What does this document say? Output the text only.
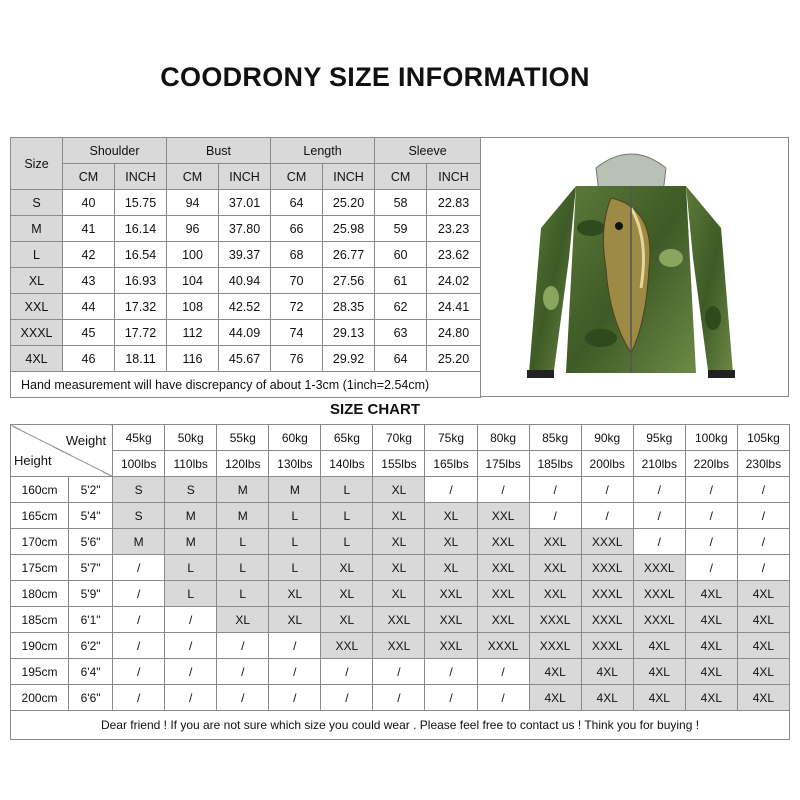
COODRONY SIZE INFORMATION
Size	Shoulder		Bust		Length		Sleeve	
	CM	INCH	CM	INCH	CM	INCH	CM	INCH
S	40	15.75	94	37.01	64	25.20	58	22.83
M	41	16.14	96	37.80	66	25.98	59	23.23
L	42	16.54	100	39.37	68	26.77	60	23.62
XL	43	16.93	104	40.94	70	27.56	61	24.02
XXL	44	17.32	108	42.52	72	28.35	62	24.41
XXXL	45	17.72	112	44.09	74	29.13	63	24.80
4XL	46	18.11	116	45.67	76	29.92	64	25.20
Hand measurement will have discrepancy of about 1-3cm (1inch=2.54cm)								
SIZE CHART
Weight
Height		45kg	50kg	55kg	60kg	65kg	70kg	75kg	80kg	85kg	90kg	95kg	100kg	105kg
		100lbs	110lbs	120lbs	130lbs	140lbs	155lbs	165lbs	175lbs	185lbs	200lbs	210lbs	220lbs	230lbs
160cm	5'2"	S	S	M	M	L	XL	/	/	/	/	/	/	/
165cm	5'4"	S	M	M	L	L	XL	XL	XXL	/	/	/	/	/
170cm	5'6"	M	M	L	L	L	XL	XL	XXL	XXL	XXXL	/	/	/
175cm	5'7"	/	L	L	L	XL	XL	XL	XXL	XXL	XXXL	XXXL	/	/
180cm	5'9"	/	L	L	XL	XL	XL	XXL	XXL	XXL	XXXL	XXXL	4XL	4XL
185cm	6'1"	/	/	XL	XL	XL	XXL	XXL	XXL	XXXL	XXXL	XXXL	4XL	4XL
190cm	6'2"	/	/	/	/	XXL	XXL	XXL	XXXL	XXXL	XXXL	4XL	4XL	4XL
195cm	6'4"	/	/	/	/	/	/	/	/	4XL	4XL	4XL	4XL	4XL
200cm	6'6"	/	/	/	/	/	/	/	/	4XL	4XL	4XL	4XL	4XL
Dear friend ! If you are not sure which size you could wear . Please feel free to contact us ! Think you for buying !														
